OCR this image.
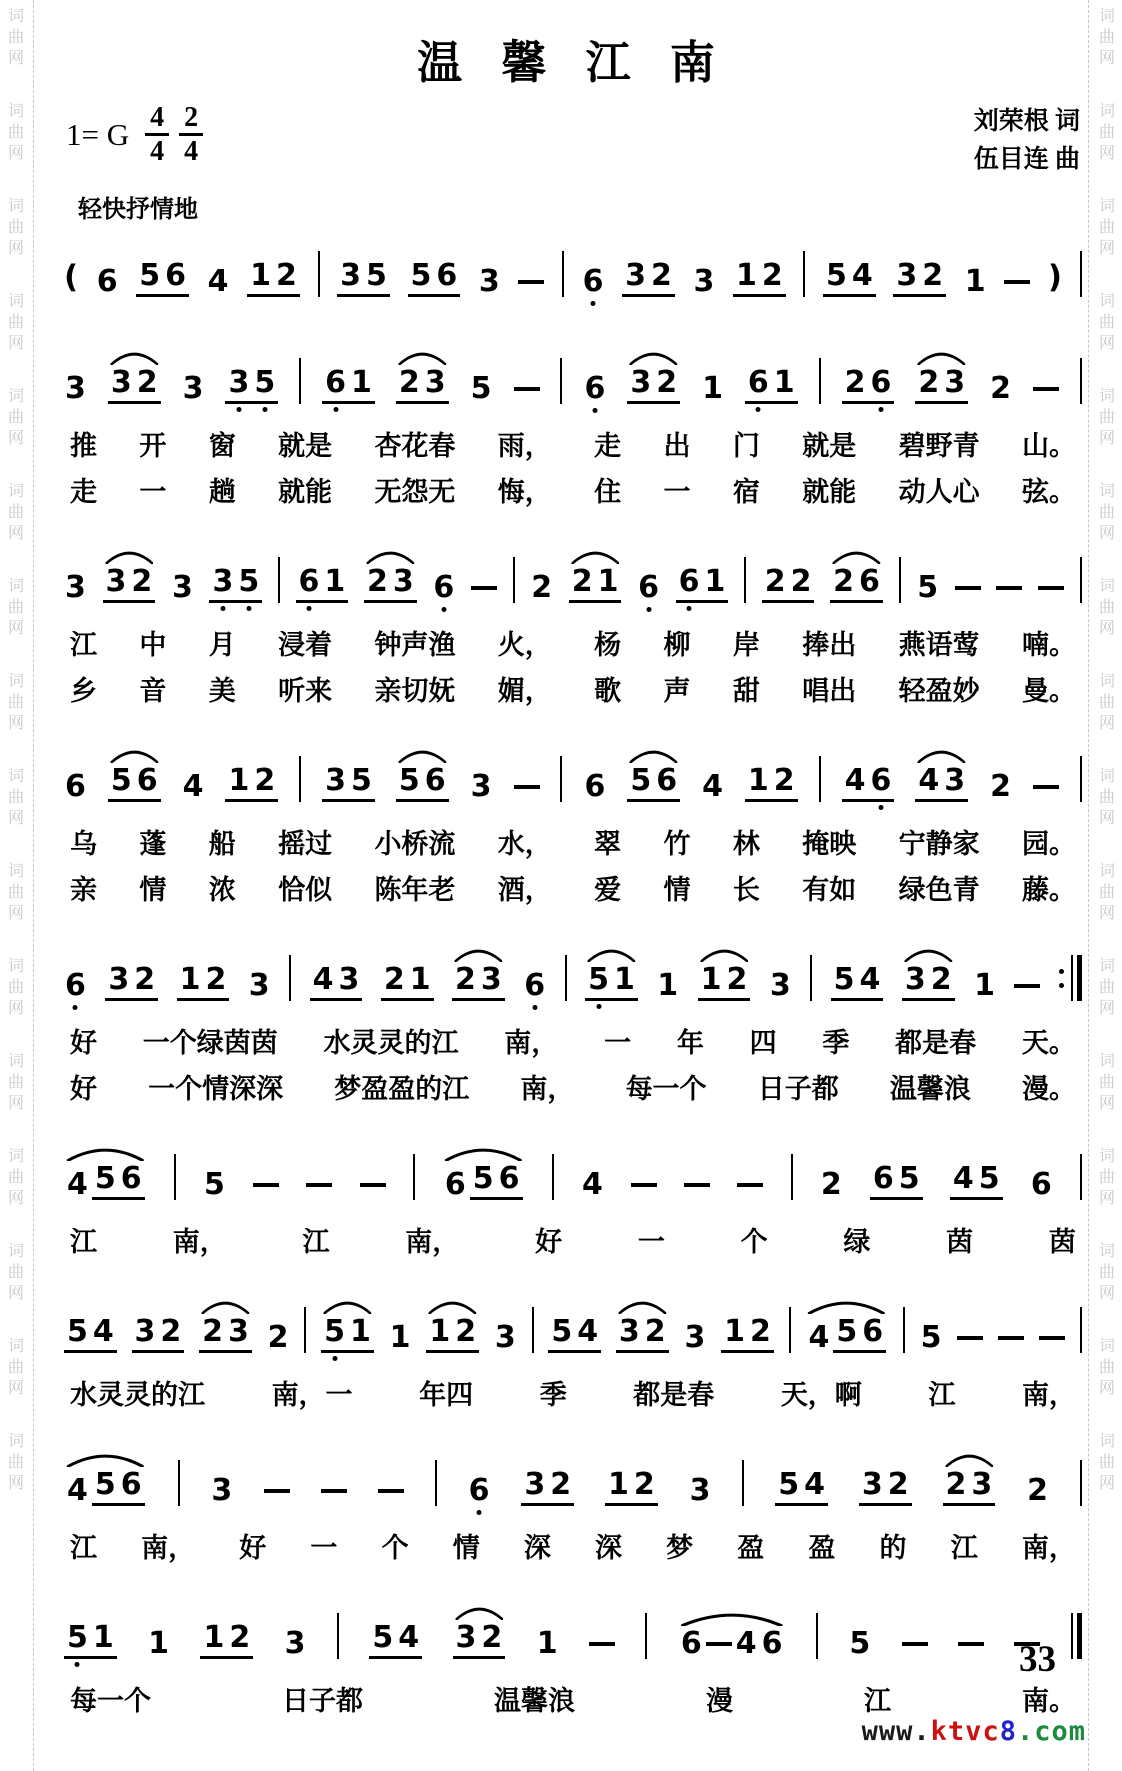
词
曲
网
词
曲
网
词
曲
网
词
曲
网
词
曲
网
词
曲
网
词
曲
网
词
曲
网
词
曲
网
词
曲
网
词
曲
网
词
曲
网
词
曲
网
词
曲
网
词
曲
网
词
曲
网
词
曲
网
词
曲
网
词
曲
网
词
曲
网
词
曲
网
词
曲
网
词
曲
网
词
曲
网
词
曲
网
词
曲
网
词
曲
网
词
曲
网
词
曲
网
词
曲
网
词
曲
网
词
曲
网
温 馨 江 南
1= G 4
4
2
4
刘荣根 词
伍目连 曲
轻快抒情地
( 6 5 6 4 1 2 3 5 5 6 3	6 3 2 3 1 2 5 4 3 2 1 )
3 3 2 3 3 5 6 1 2 3 5	6 3 2 1 6 1 2 6 2 3 2
推 开 窗 就是 杏花春 雨， 走 出 门 就是 碧野青 山。
走 一 趟 就能 无怨无 悔， 住 一 宿 就能 动人心 弦。
3 3 2 3 3 5 6 1 2 3 6	2 2 1 6 6 1 2 2 2 6 5
江 中 月 浸着 钟声渔 火， 杨 柳 岸 捧出 燕语莺 喃。
乡 音 美 听来 亲切妩 媚， 歌 声 甜 唱出 轻盈妙 曼。
6 5 6 4 1 2 3 5 5 6 3	6 5 6 4 1 2 4 6 4 3 2
乌 蓬 船 摇过 小桥流 水， 翠 竹 林 掩映 宁静家 园。
亲 情 浓 恰似 陈年老 酒， 爱 情 长 有如 绿色青 藤。
6 3 2 1 2 3 4 3 2 1 2 3 6 5 1 1 1 2 3 5 4 3 2 1
好 一个绿茵茵 水灵灵的江 南， 一 年 四 季 都是春 天。
好 一个情深深 梦盈盈的江 南， 每一个 日子都 温馨浪 漫。
4 5 6 5	6 5 6 4	2 6 5 4 5 6
江	南，	江	南，	好	一	个	绿	茵	茵
5 4 3 2 2 3 2 5 1 1 1 2 3 5 4 3 2 3 1 2 4 5 6 5
水灵灵的江 南，一 年四 季 都是春 天，啊 江 南，
4 5 6 3	6 3 2 1 2 3 5 4 3 2 2 3 2
江 南， 好 一 个 情 深 深 梦 盈 盈 的 江 南，
5 1 1 1 2 3 5 4 3 2 1	6 4 6 5
每一个	日子都	温馨浪	漫	江	南。
33
www.ktvc8.com
